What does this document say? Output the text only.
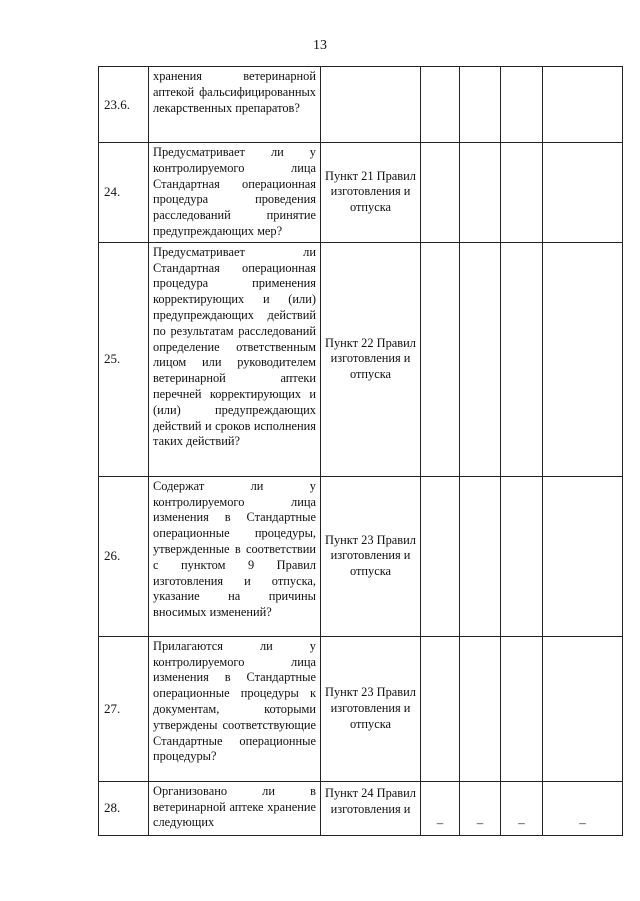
13
23.6.	хранения ветеринарной аптекой фальсифицированных лекарственных препаратов?					
24.	Предусматривает ли у контролируемого лица Стандартная операционная процедура проведения расследований принятие предупреждающих мер?	Пункт 21 Правил изготовления и отпуска				
25.	Предусматривает ли Стандартная операционная процедура применения корректирующих и (или) предупреждающих действий по результатам расследований определение ответственным лицом или руководителем ветеринарной аптеки перечней корректирующих и (или) предупреждающих действий и сроков исполнения таких действий?	Пункт 22 Правил изготовления и отпуска				
26.	Содержат ли у контролируемого лица изменения в Стандартные операционные процедуры, утвержденные в соответствии с пунктом 9 Правил изготовления и отпуска, указание на причины вносимых изменений?	Пункт 23 Правил изготовления и отпуска				
27.	Прилагаются ли у контролируемого лица изменения в Стандартные операционные процедуры к документам, которыми утверждены соответствующие Стандартные операционные процедуры?	Пункт 23 Правил изготовления и отпуска				
28.	Организовано ли в ветеринарной аптеке хранение следующих	Пункт 24 Правил изготовления и	–	–	–	–
